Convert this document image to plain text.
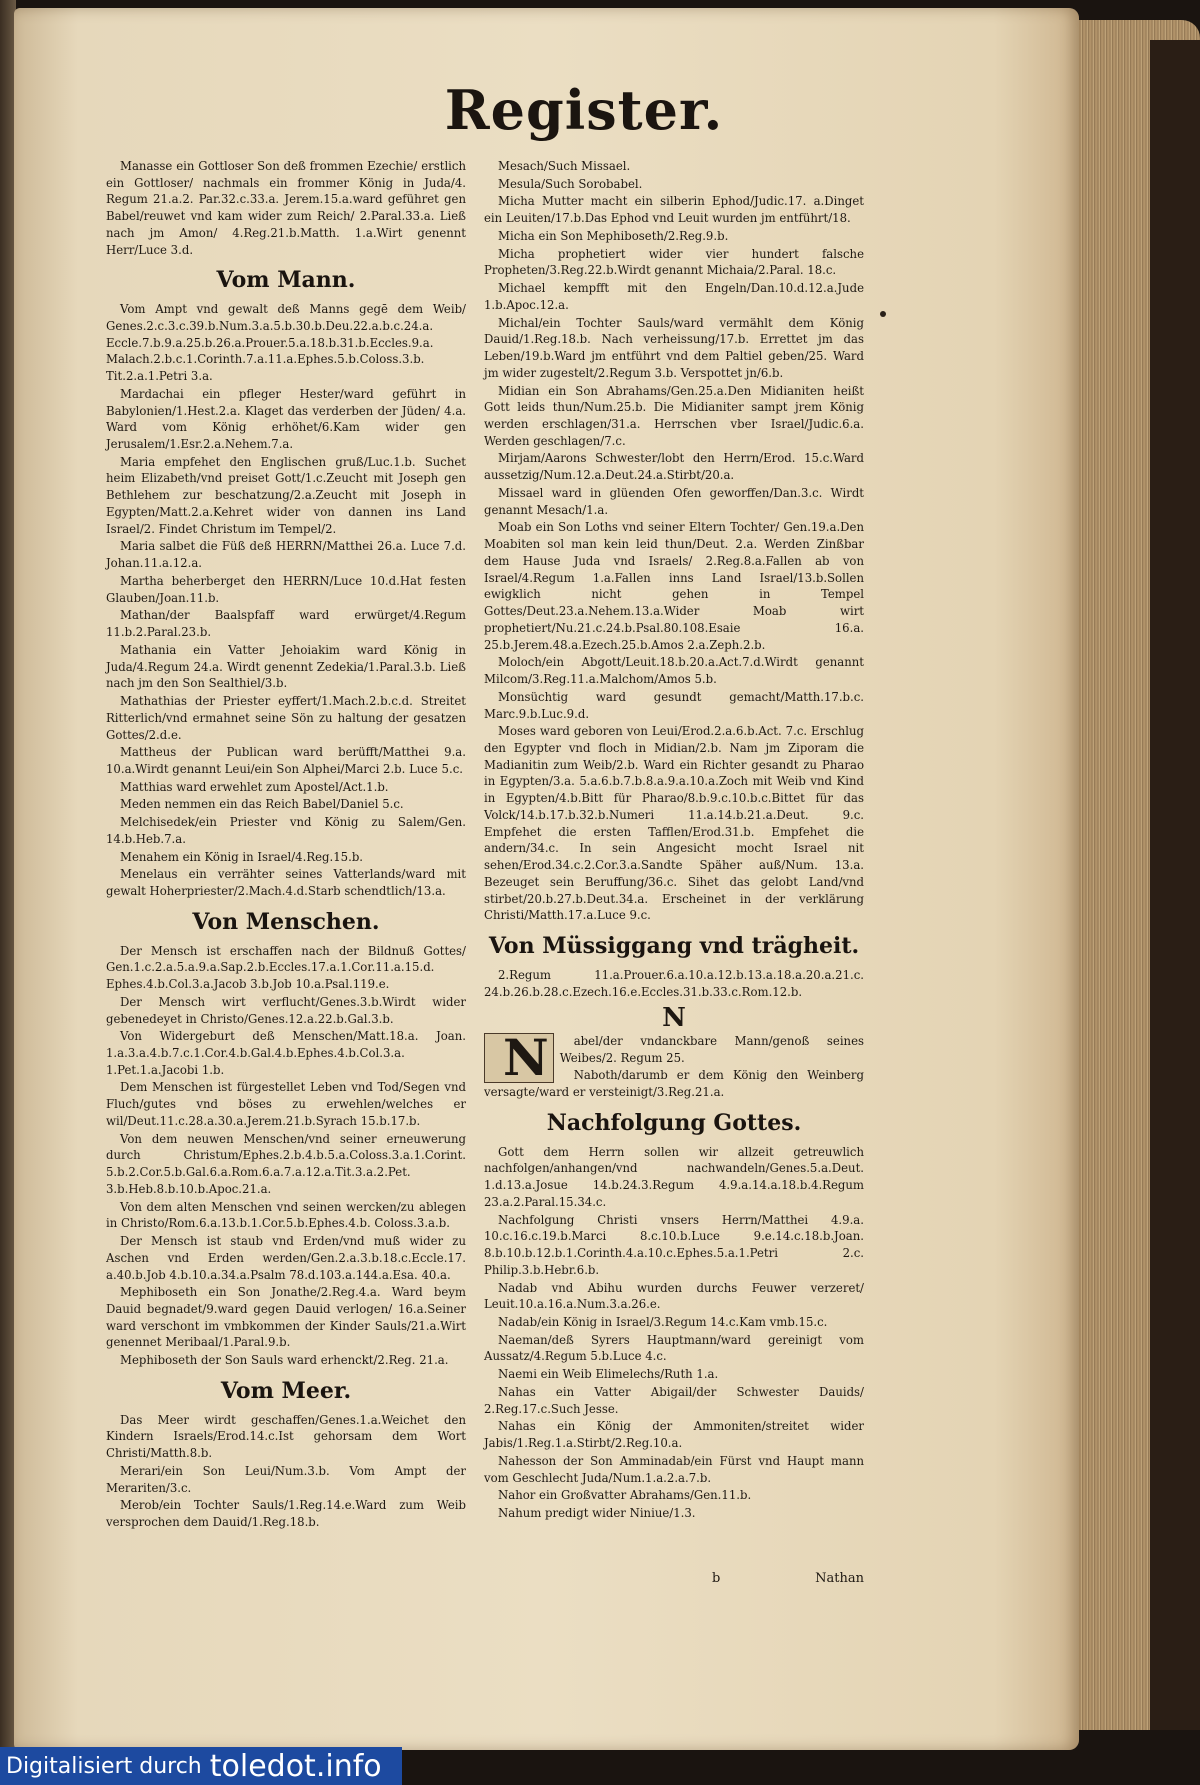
Register.
Manasse ein Gottloser Son deß frommen Ezechie/ erstlich ein Gottloser/ nachmals ein frommer König in Juda/4. Regum 21.a.2. Par.32.c.33.a. Jerem.15.a.ward geführet gen Babel/reuwet vnd kam wider zum Reich/ 2.Paral.33.a. Ließ nach jm Amon/ 4.Reg.21.b.Matth. 1.a.Wirt genennt Herr/Luce 3.d.
Vom Mann.
Vom Ampt vnd gewalt deß Manns gegē dem Weib/ Genes.2.c.3.c.39.b.Num.3.a.5.b.30.b.Deu.22.a.b.c.24.a. Eccle.7.b.9.a.25.b.26.a.Prouer.5.a.18.b.31.b.Eccles.9.a. Malach.2.b.c.1.Corinth.7.a.11.a.Ephes.5.b.Coloss.3.b. Tit.2.a.1.Petri 3.a.
Mardachai ein pfleger Hester/ward geführt in Babylonien/1.Hest.2.a. Klaget das verderben der Jüden/ 4.a. Ward vom König erhöhet/6.Kam wider gen Jerusalem/1.Esr.2.a.Nehem.7.a.
Maria empfehet den Englischen gruß/Luc.1.b. Suchet heim Elizabeth/vnd preiset Gott/1.c.Zeucht mit Joseph gen Bethlehem zur beschatzung/2.a.Zeucht mit Joseph in Egypten/Matt.2.a.Kehret wider von dannen ins Land Israel/2. Findet Christum im Tempel/2.
Maria salbet die Füß deß HERRN/Matthei 26.a. Luce 7.d. Johan.11.a.12.a.
Martha beherberget den HERRN/Luce 10.d.Hat festen Glauben/Joan.11.b.
Mathan/der Baalspfaff ward erwürget/4.Regum 11.b.2.Paral.23.b.
Mathania ein Vatter Jehoiakim ward König in Juda/4.Regum 24.a. Wirdt genennt Zedekia/1.Paral.3.b. Ließ nach jm den Son Sealthiel/3.b.
Mathathias der Priester eyffert/1.Mach.2.b.c.d. Streitet Ritterlich/vnd ermahnet seine Sön zu haltung der gesatzen Gottes/2.d.e.
Mattheus der Publican ward berüfft/Matthei 9.a. 10.a.Wirdt genannt Leui/ein Son Alphei/Marci 2.b. Luce 5.c.
Matthias ward erwehlet zum Apostel/Act.1.b.
Meden nemmen ein das Reich Babel/Daniel 5.c.
Melchisedek/ein Priester vnd König zu Salem/Gen. 14.b.Heb.7.a.
Menahem ein König in Israel/4.Reg.15.b.
Menelaus ein verrähter seines Vatterlands/ward mit gewalt Hoherpriester/2.Mach.4.d.Starb schendtlich/13.a.
Von Menschen.
Der Mensch ist erschaffen nach der Bildnuß Gottes/ Gen.1.c.2.a.5.a.9.a.Sap.2.b.Eccles.17.a.1.Cor.11.a.15.d. Ephes.4.b.Col.3.a.Jacob 3.b.Job 10.a.Psal.119.e.
Der Mensch wirt verflucht/Genes.3.b.Wirdt wider gebenedeyet in Christo/Genes.12.a.22.b.Gal.3.b.
Von Widergeburt deß Menschen/Matt.18.a. Joan. 1.a.3.a.4.b.7.c.1.Cor.4.b.Gal.4.b.Ephes.4.b.Col.3.a. 1.Pet.1.a.Jacobi 1.b.
Dem Menschen ist fürgestellet Leben vnd Tod/Segen vnd Fluch/gutes vnd böses zu erwehlen/welches er wil/Deut.11.c.28.a.30.a.Jerem.21.b.Syrach 15.b.17.b.
Von dem neuwen Menschen/vnd seiner erneuwerung durch Christum/Ephes.2.b.4.b.5.a.Coloss.3.a.1.Corint. 5.b.2.Cor.5.b.Gal.6.a.Rom.6.a.7.a.12.a.Tit.3.a.2.Pet. 3.b.Heb.8.b.10.b.Apoc.21.a.
Von dem alten Menschen vnd seinen wercken/zu ablegen in Christo/Rom.6.a.13.b.1.Cor.5.b.Ephes.4.b. Coloss.3.a.b.
Der Mensch ist staub vnd Erden/vnd muß wider zu Aschen vnd Erden werden/Gen.2.a.3.b.18.c.Eccle.17. a.40.b.Job 4.b.10.a.34.a.Psalm 78.d.103.a.144.a.Esa. 40.a.
Mephiboseth ein Son Jonathe/2.Reg.4.a. Ward beym Dauid begnadet/9.ward gegen Dauid verlogen/ 16.a.Seiner ward verschont im vmbkommen der Kinder Sauls/21.a.Wirt genennet Meribaal/1.Paral.9.b.
Mephiboseth der Son Sauls ward erhenckt/2.Reg. 21.a.
Vom Meer.
Das Meer wirdt geschaffen/Genes.1.a.Weichet den Kindern Israels/Erod.14.c.Ist gehorsam dem Wort Christi/Matth.8.b.
Merari/ein Son Leui/Num.3.b. Vom Ampt der Merariten/3.c.
Merob/ein Tochter Sauls/1.Reg.14.e.Ward zum Weib versprochen dem Dauid/1.Reg.18.b.
Mesach/Such Missael.
Mesula/Such Sorobabel.
Micha Mutter macht ein silberin Ephod/Judic.17. a.Dinget ein Leuiten/17.b.Das Ephod vnd Leuit wurden jm entführt/18.
Micha ein Son Mephiboseth/2.Reg.9.b.
Micha prophetiert wider vier hundert falsche Propheten/3.Reg.22.b.Wirdt genannt Michaia/2.Paral. 18.c.
Michael kempfft mit den Engeln/Dan.10.d.12.a.Jude 1.b.Apoc.12.a.
Michal/ein Tochter Sauls/ward vermählt dem König Dauid/1.Reg.18.b. Nach verheissung/17.b. Errettet jm das Leben/19.b.Ward jm entführt vnd dem Paltiel geben/25. Ward jm wider zugestelt/2.Regum 3.b. Verspottet jn/6.b.
Midian ein Son Abrahams/Gen.25.a.Den Midianiten heißt Gott leids thun/Num.25.b. Die Midianiter sampt jrem König werden erschlagen/31.a. Herrschen vber Israel/Judic.6.a. Werden geschlagen/7.c.
Mirjam/Aarons Schwester/lobt den Herrn/Erod. 15.c.Ward aussetzig/Num.12.a.Deut.24.a.Stirbt/20.a.
Missael ward in glüenden Ofen geworffen/Dan.3.c. Wirdt genannt Mesach/1.a.
Moab ein Son Loths vnd seiner Eltern Tochter/ Gen.19.a.Den Moabiten sol man kein leid thun/Deut. 2.a. Werden Zinßbar dem Hause Juda vnd Israels/ 2.Reg.8.a.Fallen ab von Israel/4.Regum 1.a.Fallen inns Land Israel/13.b.Sollen ewigklich nicht gehen in Tempel Gottes/Deut.23.a.Nehem.13.a.Wider Moab wirt prophetiert/Nu.21.c.24.b.Psal.80.108.Esaie 16.a. 25.b.Jerem.48.a.Ezech.25.b.Amos 2.a.Zeph.2.b.
Moloch/ein Abgott/Leuit.18.b.20.a.Act.7.d.Wirdt genannt Milcom/3.Reg.11.a.Malchom/Amos 5.b.
Monsüchtig ward gesundt gemacht/Matth.17.b.c. Marc.9.b.Luc.9.d.
Moses ward geboren von Leui/Erod.2.a.6.b.Act. 7.c. Erschlug den Egypter vnd floch in Midian/2.b. Nam jm Ziporam die Madianitin zum Weib/2.b. Ward ein Richter gesandt zu Pharao in Egypten/3.a. 5.a.6.b.7.b.8.a.9.a.10.a.Zoch mit Weib vnd Kind in Egypten/4.b.Bitt für Pharao/8.b.9.c.10.b.c.Bittet für das Volck/14.b.17.b.32.b.Numeri 11.a.14.b.21.a.Deut. 9.c. Empfehet die ersten Tafflen/Erod.31.b. Empfehet die andern/34.c. In sein Angesicht mocht Israel nit sehen/Erod.34.c.2.Cor.3.a.Sandte Späher auß/Num. 13.a. Bezeuget sein Beruffung/36.c. Sihet das gelobt Land/vnd stirbet/20.b.27.b.Deut.34.a. Erscheinet in der verklärung Christi/Matth.17.a.Luce 9.c.
Von Müssiggang vnd trägheit.
2.Regum 11.a.Prouer.6.a.10.a.12.b.13.a.18.a.20.a.21.c. 24.b.26.b.28.c.Ezech.16.e.Eccles.31.b.33.c.Rom.12.b.
N
N	abel/der vndanckbare Mann/genoß seines Weibes/2. Regum 25.
Naboth/darumb er dem König den Weinberg versagte/ward er versteinigt/3.Reg.21.a.
Nachfolgung Gottes.
Gott dem Herrn sollen wir allzeit getreuwlich nachfolgen/anhangen/vnd nachwandeln/Genes.5.a.Deut. 1.d.13.a.Josue 14.b.24.3.Regum 4.9.a.14.a.18.b.4.Regum 23.a.2.Paral.15.34.c.
Nachfolgung Christi vnsers Herrn/Matthei 4.9.a. 10.c.16.c.19.b.Marci 8.c.10.b.Luce 9.e.14.c.18.b.Joan. 8.b.10.b.12.b.1.Corinth.4.a.10.c.Ephes.5.a.1.Petri 2.c. Philip.3.b.Hebr.6.b.
Nadab vnd Abihu wurden durchs Feuwer verzeret/ Leuit.10.a.16.a.Num.3.a.26.e.
Nadab/ein König in Israel/3.Regum 14.c.Kam vmb.15.c.
Naeman/deß Syrers Hauptmann/ward gereinigt vom Aussatz/4.Regum 5.b.Luce 4.c.
Naemi ein Weib Elimelechs/Ruth 1.a.
Nahas ein Vatter Abigail/der Schwester Dauids/ 2.Reg.17.c.Such Jesse.
Nahas ein König der Ammoniten/streitet wider Jabis/1.Reg.1.a.Stirbt/2.Reg.10.a.
Nahesson der Son Amminadab/ein Fürst vnd Haupt mann vom Geschlecht Juda/Num.1.a.2.a.7.b.
Nahor ein Großvatter Abrahams/Gen.11.b.
Nahum predigt wider Niniue/1.3.
b	Nathan
Digitalisiert durch toledot.info
